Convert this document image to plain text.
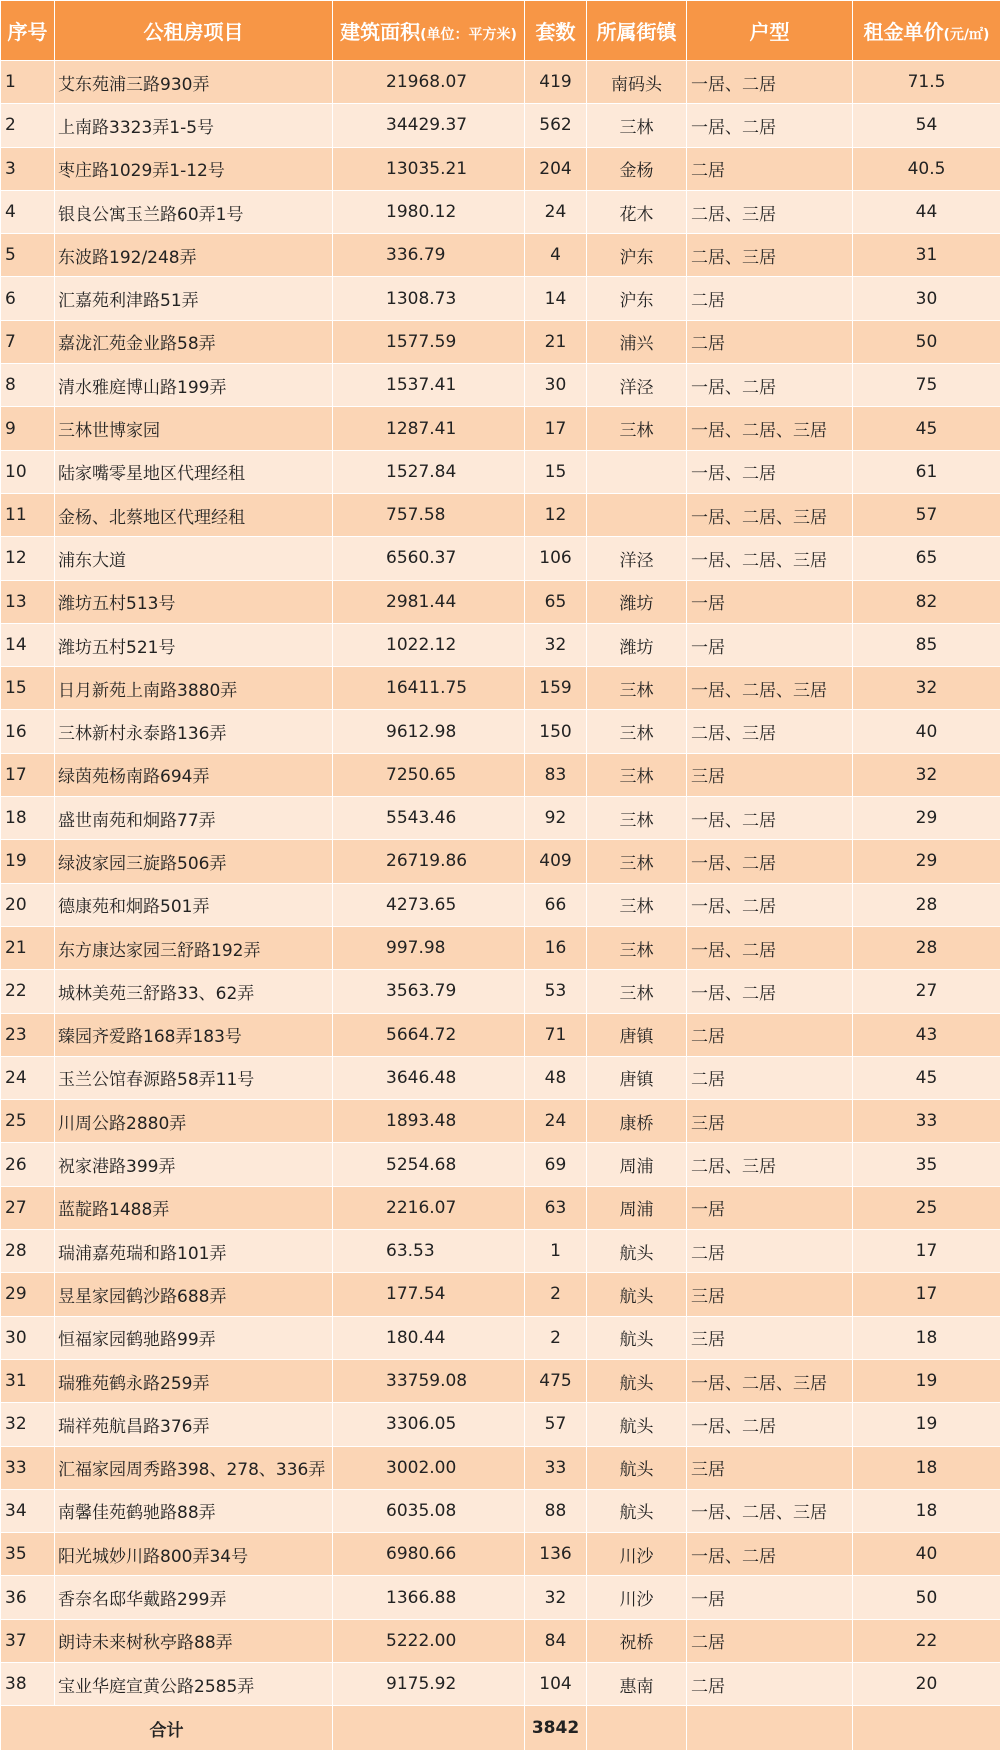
序号	公租房项目	建筑面积(单位：平方米)	套数	所属街镇	户型	租金单价(元/㎡)
1	艾东苑浦三路930弄	21968.07	419	南码头	一居、二居	71.5
2	上南路3323弄1-5号	34429.37	562	三林	一居、二居	54
3	枣庄路1029弄1-12号	13035.21	204	金杨	二居	40.5
4	银良公寓玉兰路60弄1号	1980.12	24	花木	二居、三居	44
5	东波路192/248弄	336.79	4	沪东	二居、三居	31
6	汇嘉苑利津路51弄	1308.73	14	沪东	二居	30
7	嘉泷汇苑金业路58弄	1577.59	21	浦兴	二居	50
8	清水雅庭博山路199弄	1537.41	30	洋泾	一居、二居	75
9	三林世博家园	1287.41	17	三林	一居、二居、三居	45
10	陆家嘴零星地区代理经租	1527.84	15		一居、二居	61
11	金杨、北蔡地区代理经租	757.58	12		一居、二居、三居	57
12	浦东大道	6560.37	106	洋泾	一居、二居、三居	65
13	潍坊五村513号	2981.44	65	潍坊	一居	82
14	潍坊五村521号	1022.12	32	潍坊	一居	85
15	日月新苑上南路3880弄	16411.75	159	三林	一居、二居、三居	32
16	三林新村永泰路136弄	9612.98	150	三林	二居、三居	40
17	绿茵苑杨南路694弄	7250.65	83	三林	三居	32
18	盛世南苑和炯路77弄	5543.46	92	三林	一居、二居	29
19	绿波家园三旋路506弄	26719.86	409	三林	一居、二居	29
20	德康苑和炯路501弄	4273.65	66	三林	一居、二居	28
21	东方康达家园三舒路192弄	997.98	16	三林	一居、二居	28
22	城林美苑三舒路33、62弄	3563.79	53	三林	一居、二居	27
23	臻园齐爱路168弄183号	5664.72	71	唐镇	二居	43
24	玉兰公馆春源路58弄11号	3646.48	48	唐镇	二居	45
25	川周公路2880弄	1893.48	24	康桥	三居	33
26	祝家港路399弄	5254.68	69	周浦	二居、三居	35
27	蓝靛路1488弄	2216.07	63	周浦	一居	25
28	瑞浦嘉苑瑞和路101弄	63.53	1	航头	二居	17
29	昱星家园鹤沙路688弄	177.54	2	航头	三居	17
30	恒福家园鹤驰路99弄	180.44	2	航头	三居	18
31	瑞雅苑鹤永路259弄	33759.08	475	航头	一居、二居、三居	19
32	瑞祥苑航昌路376弄	3306.05	57	航头	一居、二居	19
33	汇福家园周秀路398、278、336弄	3002.00	33	航头	三居	18
34	南馨佳苑鹤驰路88弄	6035.08	88	航头	一居、二居、三居	18
35	阳光城妙川路800弄34号	6980.66	136	川沙	一居、二居	40
36	香奈名邸华戴路299弄	1366.88	32	川沙	一居	50
37	朗诗未来树秋亭路88弄	5222.00	84	祝桥	二居	22
38	宝业华庭宣黄公路2585弄	9175.92	104	惠南	二居	20
合计			3842			
